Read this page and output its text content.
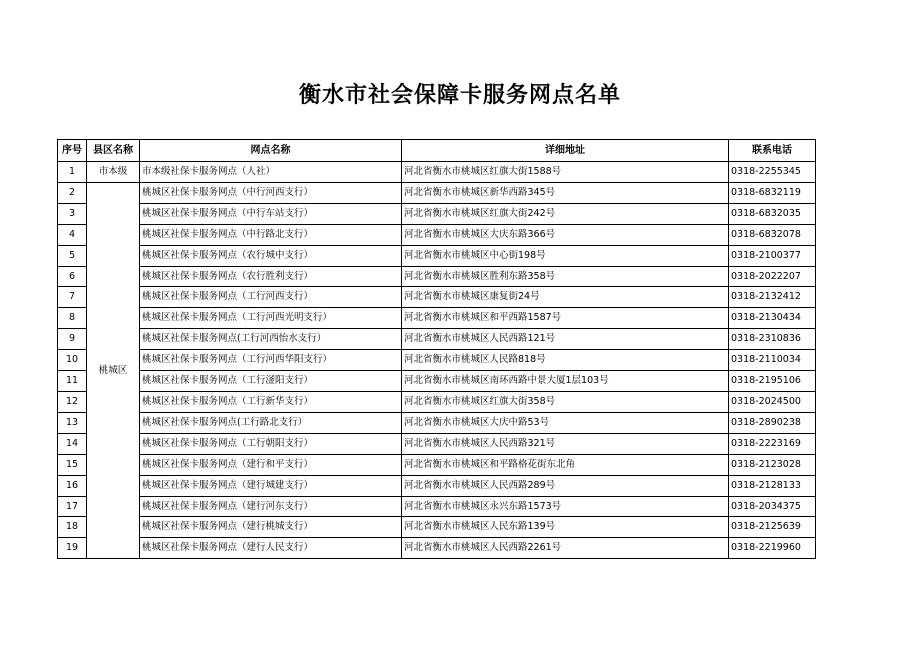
衡水市社会保障卡服务网点名单
序号	县区名称	网点名称	详细地址	联系电话
1	市本级	市本级社保卡服务网点（人社）	河北省衡水市桃城区红旗大街1588号	0318-2255345
2	桃城区	桃城区社保卡服务网点（中行河西支行）	河北省衡水市桃城区新华西路345号	0318-6832119
3		桃城区社保卡服务网点（中行车站支行）	河北省衡水市桃城区红旗大街242号	0318-6832035
4		桃城区社保卡服务网点（中行路北支行）	河北省衡水市桃城区大庆东路366号	0318-6832078
5		桃城区社保卡服务网点（农行城中支行）	河北省衡水市桃城区中心街198号	0318-2100377
6		桃城区社保卡服务网点（农行胜利支行）	河北省衡水市桃城区胜利东路358号	0318-2022207
7		桃城区社保卡服务网点（工行河西支行）	河北省衡水市桃城区康复街24号	0318-2132412
8		桃城区社保卡服务网点（工行河西光明支行）	河北省衡水市桃城区和平西路1587号	0318-2130434
9		桃城区社保卡服务网点(工行河西怡水支行）	河北省衡水市桃城区人民西路121号	0318-2310836
10		桃城区社保卡服务网点（工行河西华阳支行）	河北省衡水市桃城区人民路818号	0318-2110034
11		桃城区社保卡服务网点（工行滏阳支行）	河北省衡水市桃城区南环西路中景大厦1层103号	0318-2195106
12		桃城区社保卡服务网点（工行新华支行）	河北省衡水市桃城区红旗大街358号	0318-2024500
13		桃城区社保卡服务网点(工行路北支行）	河北省衡水市桃城区大庆中路53号	0318-2890238
14		桃城区社保卡服务网点（工行朝阳支行）	河北省衡水市桃城区人民西路321号	0318-2223169
15		桃城区社保卡服务网点（建行和平支行）	河北省衡水市桃城区和平路格花街东北角	0318-2123028
16		桃城区社保卡服务网点（建行城建支行）	河北省衡水市桃城区人民西路289号	0318-2128133
17		桃城区社保卡服务网点（建行河东支行）	河北省衡水市桃城区永兴东路1573号	0318-2034375
18		桃城区社保卡服务网点（建行桃城支行）	河北省衡水市桃城区人民东路139号	0318-2125639
19		桃城区社保卡服务网点（建行人民支行）	河北省衡水市桃城区人民西路2261号	0318-2219960
